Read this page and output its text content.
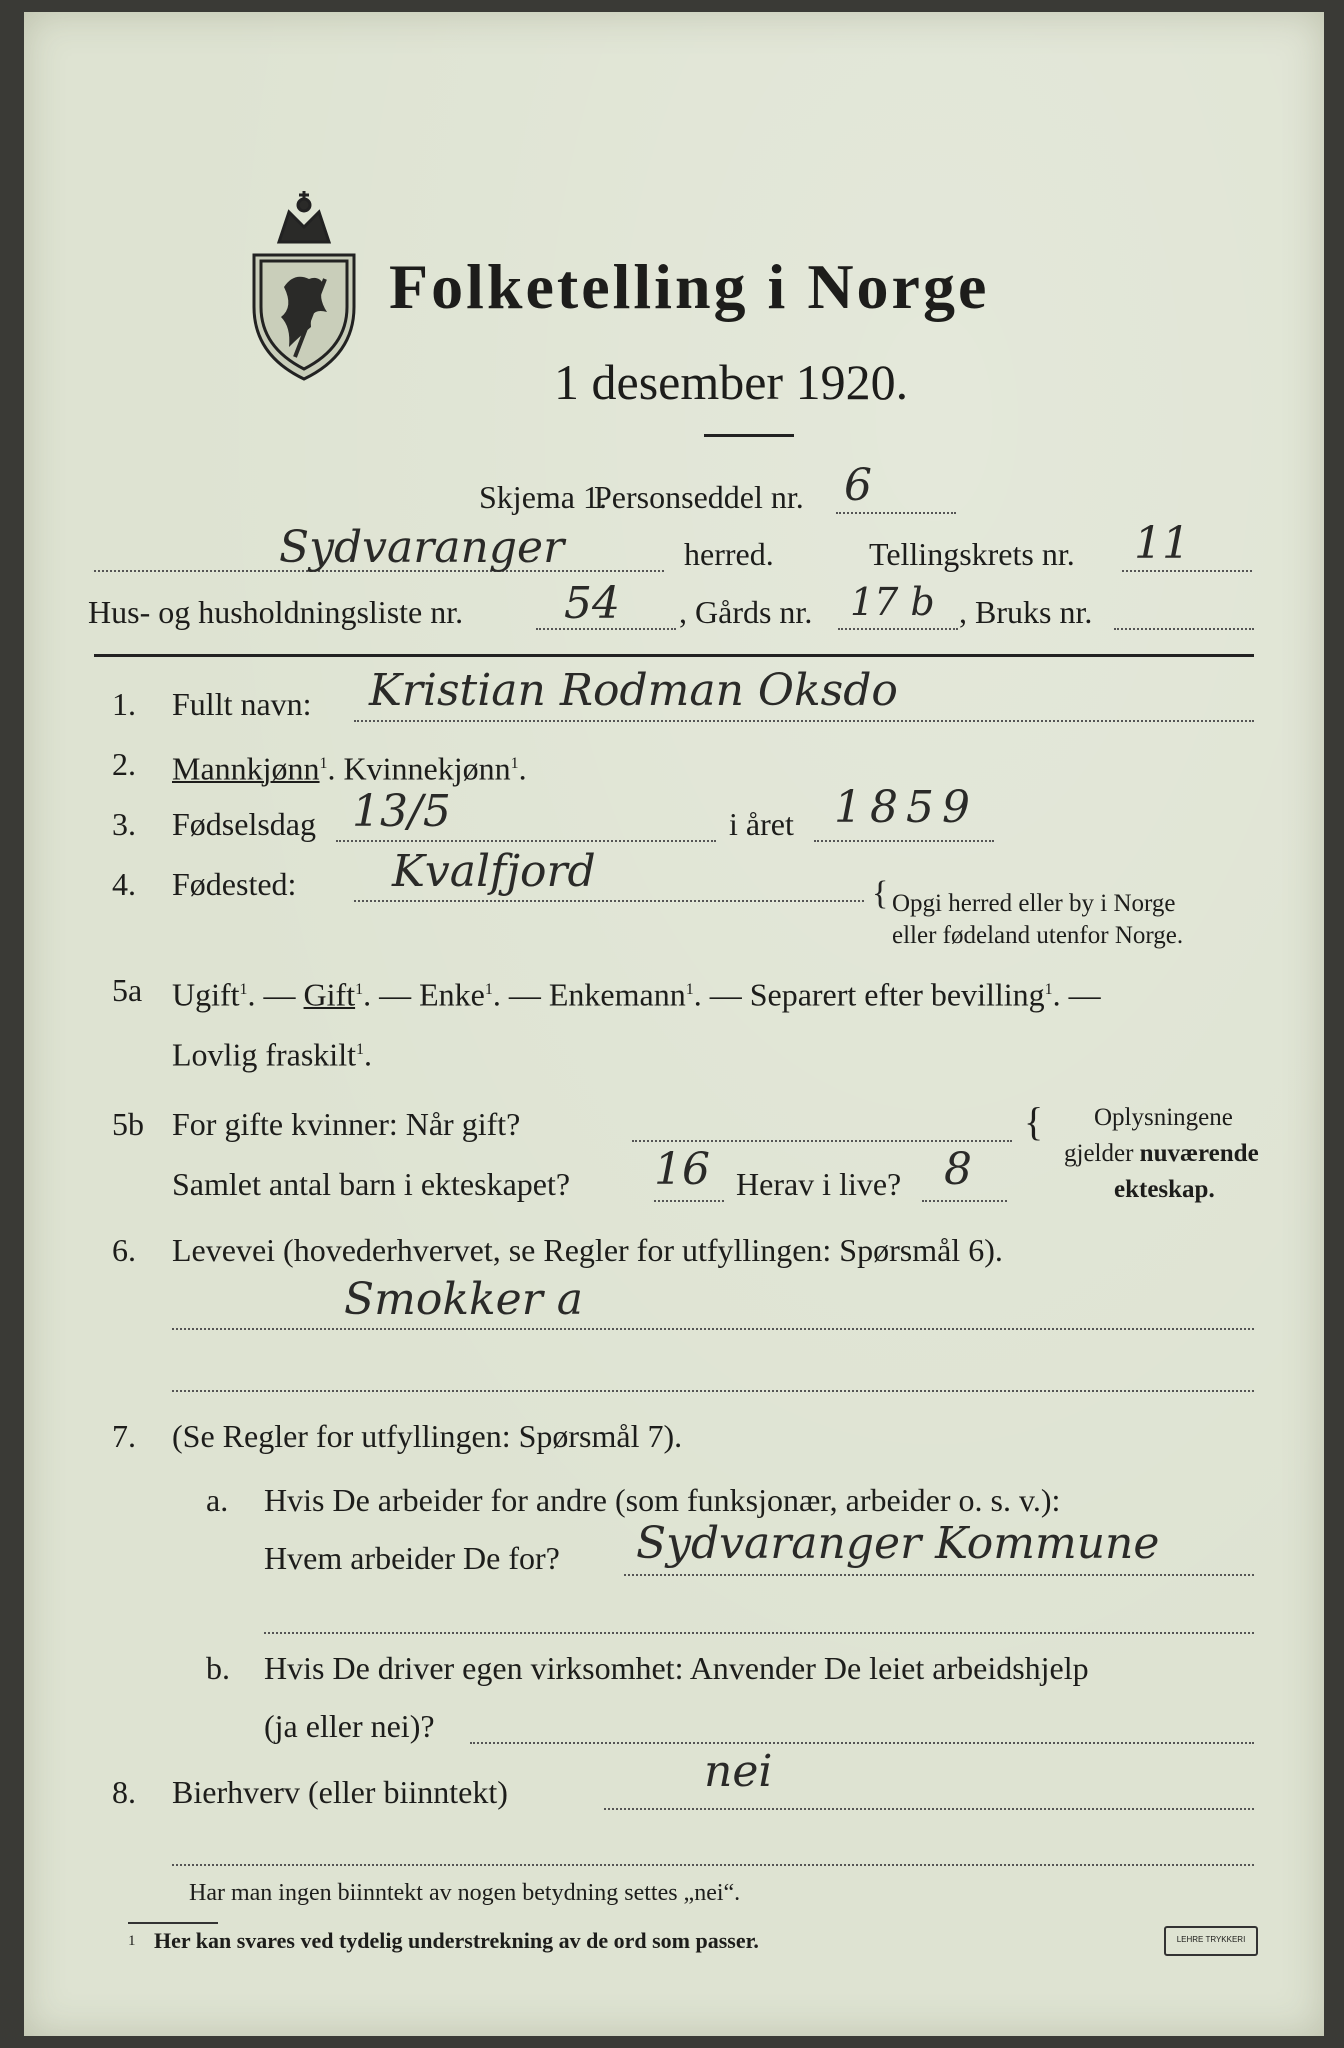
Folketelling i Norge
1 desember 1920.
Skjema 1.
Personseddel nr. 6
Sydvaranger	herred.	Tellingskrets nr. 11
Hus- og husholdningsliste nr. 54 , Gårds nr. 17 b , Bruks nr.
1. Fullt navn: Kristian Rodman Oksdo
2. Mannkjønn$^1$. Kvinnekjønn$^1$.
3. Fødselsdag 13/5	i året 1859
4. Fødested: Kvalfjord	{ Opgi herred eller by i Norge
eller fødeland utenfor Norge.
5a Ugift$^1$. — Gift$^1$. — Enke$^1$. — Enkemann$^1$. — Separert efter bevilling$^1$. —
Lovlig fraskilt$^1$.
5b For gifte kvinner: Når gift?
Samlet antal barn i ekteskapet? 16 Herav i live? 8
{ Oplysningene
gjelder nuværende
ekteskap.
6. Levevei (hovederhvervet, se Regler for utfyllingen: Spørsmål 6).
Smokker a
7. (Se Regler for utfyllingen: Spørsmål 7).
a. Hvis De arbeider for andre (som funksjonær, arbeider o. s. v.):
Hvem arbeider De for? Sydvaranger Kommune
b. Hvis De driver egen virksomhet: Anvender De leiet arbeidshjelp
(ja eller nei)?
8. Bierhverv (eller biinntekt)	nei
Har man ingen biinntekt av nogen betydning settes „nei“.
1 Her kan svares ved tydelig understrekning av de ord som passer.	LEHRE TRYKKERI
